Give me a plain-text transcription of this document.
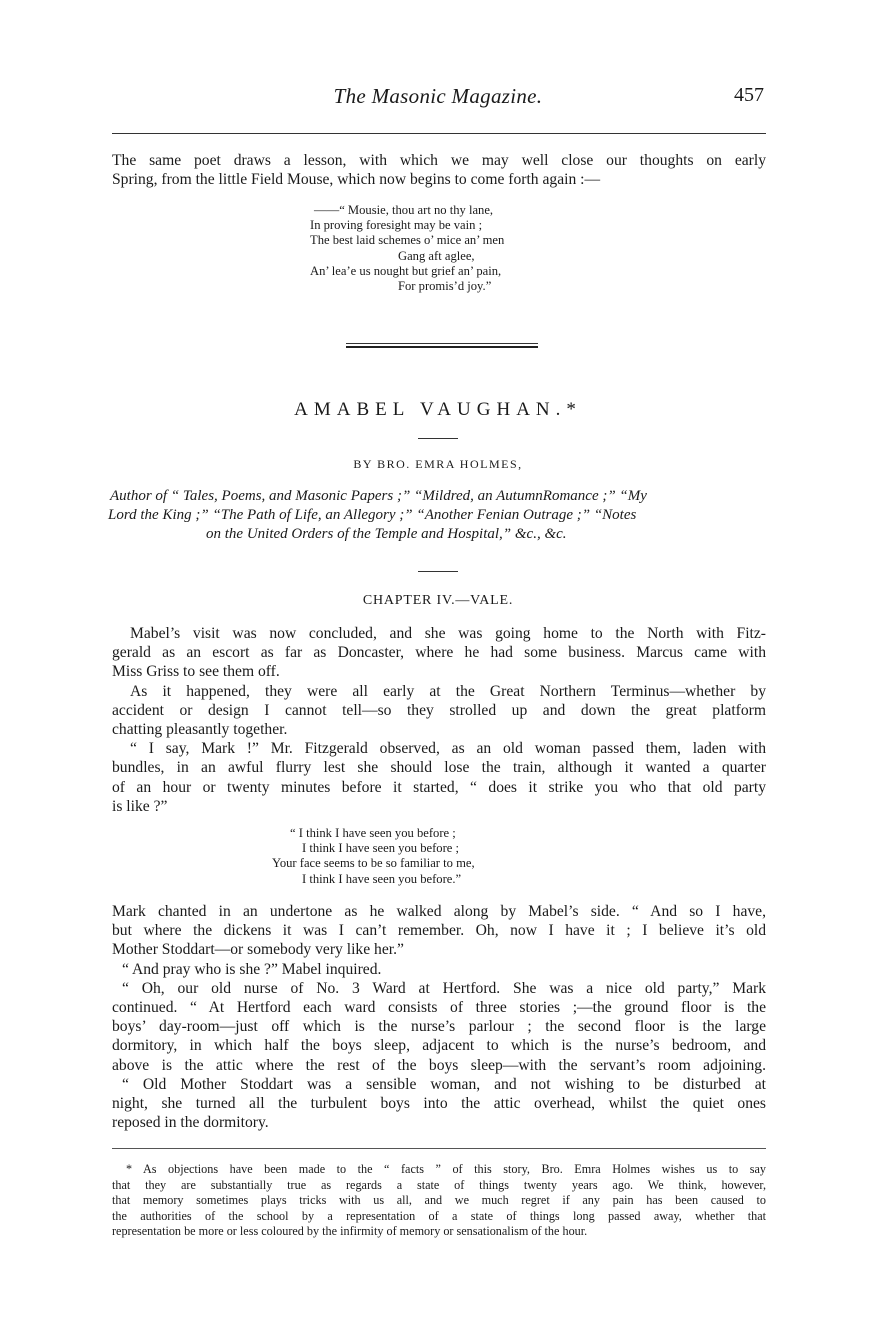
The Masonic Magazine.	457
The same poet draws a lesson, with which we may well close our thoughts on early
Spring, from the little Field Mouse, which now begins to come forth again :—
——“ Mousie, thou art no thy lane,
In proving foresight may be vain ;
The best laid schemes o’ mice an’ men
Gang aft aglee,
An’ lea’e us nought but grief an’ pain,
For promis’d joy.”
AMABEL VAUGHAN.*
BY BRO. EMRA HOLMES,
Author of “ Tales, Poems, and Masonic Papers ;” “Mildred, an AutumnRomance ;” “My
Lord the King ;” “The Path of Life, an Allegory ;” “Another Fenian Outrage ;” “Notes
on the United Orders of the Temple and Hospital,” &c., &c.
CHAPTER IV.—VALE.
Mabel’s visit was now concluded, and she was going home to the North with Fitz-
gerald as an escort as far as Doncaster, where he had some business. Marcus came with
Miss Griss to see them off.
As it happened, they were all early at the Great Northern Terminus—whether by
accident or design I cannot tell—so they strolled up and down the great platform
chatting pleasantly together.
“ I say, Mark !” Mr. Fitzgerald observed, as an old woman passed them, laden with
bundles, in an awful flurry lest she should lose the train, although it wanted a quarter
of an hour or twenty minutes before it started, “ does it strike you who that old party
is like ?”
“ I think I have seen you before ;
I think I have seen you before ;
Your face seems to be so familiar to me,
I think I have seen you before.”
Mark chanted in an undertone as he walked along by Mabel’s side. “ And so I have,
but where the dickens it was I can’t remember. Oh, now I have it ; I believe it’s old
Mother Stoddart—or somebody very like her.”
“ And pray who is she ?” Mabel inquired.
“ Oh, our old nurse of No. 3 Ward at Hertford. She was a nice old party,” Mark
continued. “ At Hertford each ward consists of three stories ;—the ground floor is the
boys’ day-room—just off which is the nurse’s parlour ; the second floor is the large
dormitory, in which half the boys sleep, adjacent to which is the nurse’s bedroom, and
above is the attic where the rest of the boys sleep—with the servant’s room adjoining.
“ Old Mother Stoddart was a sensible woman, and not wishing to be disturbed at
night, she turned all the turbulent boys into the attic overhead, whilst the quiet ones
reposed in the dormitory.
* As objections have been made to the “ facts ” of this story, Bro. Emra Holmes wishes us to say
that they are substantially true as regards a state of things twenty years ago. We think, however,
that memory sometimes plays tricks with us all, and we much regret if any pain has been caused to
the authorities of the school by a representation of a state of things long passed away, whether that
representation be more or less coloured by the infirmity of memory or sensationalism of the hour.
